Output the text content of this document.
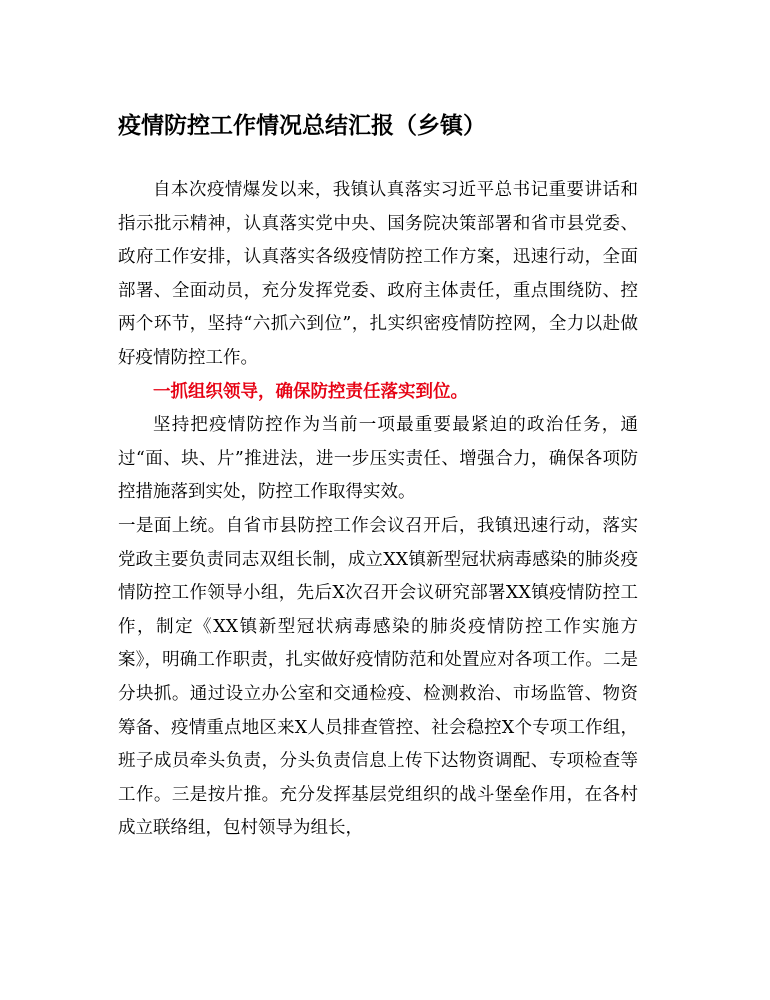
疫情防控工作情况总结汇报（乡镇）

自本次疫情爆发以来，我镇认真落实习近平总书记重要讲话和指示批示精神，认真落实党中央、国务院决策部署和省市县党委、政府工作安排，认真落实各级疫情防控工作方案，迅速行动，全面部署、全面动员，充分发挥党委、政府主体责任，重点围绕防、控两个环节，坚持“六抓六到位”，扎实织密疫情防控网，全力以赴做好疫情防控工作。

一抓组织领导，确保防控责任落实到位。

坚持把疫情防控作为当前一项最重要最紧迫的政治任务，通过“面、块、片”推进法，进一步压实责任、增强合力，确保各项防控措施落到实处，防控工作取得实效。

一是面上统。自省市县防控工作会议召开后，我镇迅速行动，落实党政主要负责同志双组长制，成立XX镇新型冠状病毒感染的肺炎疫情防控工作领导小组，先后X次召开会议研究部署XX镇疫情防控工作，制定《XX镇新型冠状病毒感染的肺炎疫情防控工作实施方案》，明确工作职责，扎实做好疫情防范和处置应对各项工作。二是分块抓。通过设立办公室和交通检疫、检测救治、市场监管、物资筹备、疫情重点地区来X人员排查管控、社会稳控X个专项工作组，班子成员牵头负责，分头负责信息上传下达物资调配、专项检查等工作。三是按片推。充分发挥基层党组织的战斗堡垒作用，在各村成立联络组，包村领导为组长，
